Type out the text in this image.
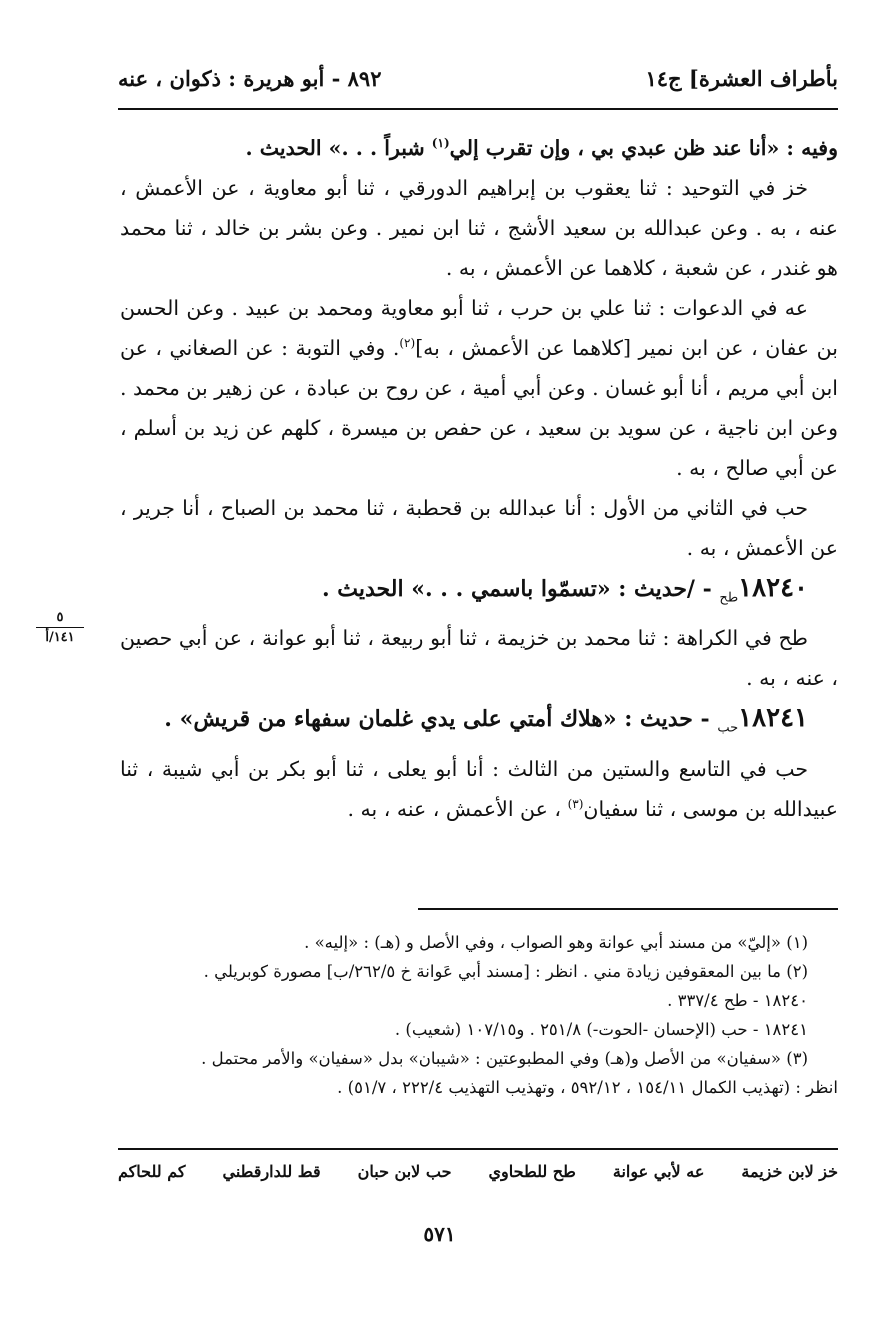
بأطراف العشرة] ج١٤
٨٩٢ - أبو هريرة : ذكوان ، عنه
٥
١٤١/أ

وفيه : «أنا عند ظن عبدي بي ، وإن تقرب إلي$^{(١)}$ شبراً . . .» الحديث .

خز في التوحيد : ثنا يعقوب بن إبراهيم الدورقي ، ثنا أبو معاوية ، عن الأعمش ، عنه ، به . وعن عبدالله بن سعيد الأشج ، ثنا ابن نمير . وعن بشر بن خالد ، ثنا محمد هو غندر ، عن شعبة ، كلاهما عن الأعمش ، به .

عه في الدعوات : ثنا علي بن حرب ، ثنا أبو معاوية ومحمد بن عبيد . وعن الحسن بن عفان ، عن ابن نمير [كلاهما عن الأعمش ، به]$^{(٢)}$. وفي التوبة : عن الصغاني ، عن ابن أبي مريم ، أنا أبو غسان . وعن أبي أمية ، عن روح بن عبادة ، عن زهير بن محمد . وعن ابن ناجية ، عن سويد بن سعيد ، عن حفص بن ميسرة ، كلهم عن زيد بن أسلم ، عن أبي صالح ، به .

حب في الثاني من الأول : أنا عبدالله بن قحطبة ، ثنا محمد بن الصباح ، أنا جرير ، عن الأعمش ، به .

$١٨٢٤٠_{طح}$ - /حديث : «تسمّوا باسمي . . .» الحديث .

طح في الكراهة : ثنا محمد بن خزيمة ، ثنا أبو ربيعة ، ثنا أبو عوانة ، عن أبي حصين ، عنه ، به .

$١٨٢٤١_{حب}$ - حديث : «هلاك أمتي على يدي غلمان سفهاء من قريش» .

حب في التاسع والستين من الثالث : أنا أبو يعلى ، ثنا أبو بكر بن أبي شيبة ، ثنا عبيدالله بن موسى ، ثنا سفيان$^{(٣)}$ ، عن الأعمش ، عنه ، به .

(١) «إليّ» من مسند أبي عوانة وهو الصواب ، وفي الأصل و (هـ) : «إليه» .

(٢) ما بين المعقوفين زيادة مني . انظر : [مسند أبي عَوانة خ ٢٦٢/٥/ب] مصورة كوبريلي .

١٨٢٤٠ - طح ٣٣٧/٤ .

١٨٢٤١ - حب (الإحسان -الحوت-) ٢٥١/٨ . و١٠٧/١٥ (شعيب) .

(٣) «سفيان» من الأصل و(هـ) وفي المطبوعتين : «شيبان» بدل «سفيان» والأمر محتمل .

انظر : (تهذيب الكمال ١٥٤/١١ ، ٥٩٢/١٢ ، وتهذيب التهذيب ٢٢٢/٤ ، ٥١/٧) .

خز لابن خزيمة
عه لأبي عوانة
طح للطحاوي
حب لابن حبان
قط للدارقطني
كم للحاكم
٥٧١
